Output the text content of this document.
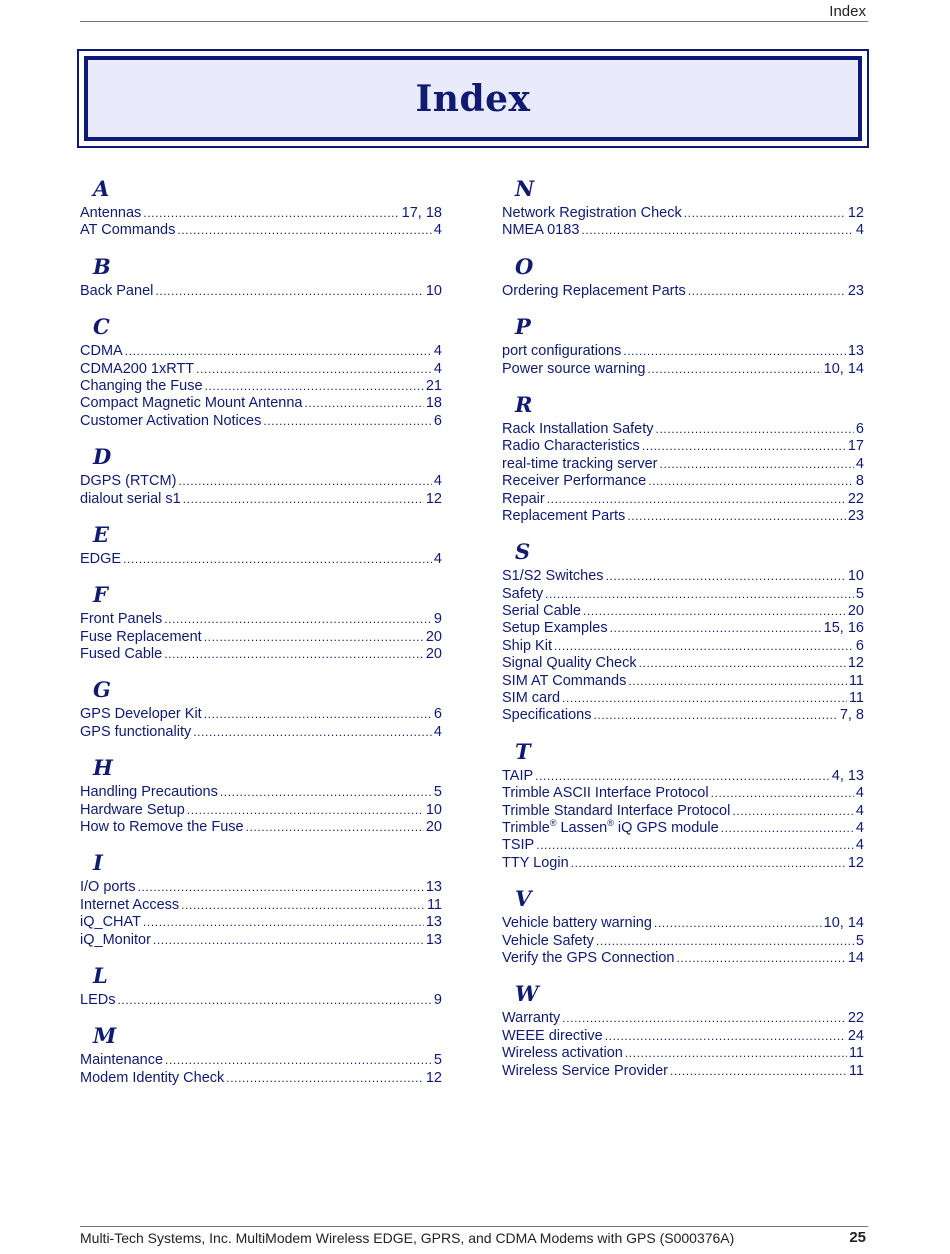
Index
Index
A
Antennas .....	17, 18
AT Commands .....	4
B
Back Panel .....	10
C
CDMA .....	4
CDMA200 1xRTT .....	4
Changing the Fuse .....	21
Compact Magnetic Mount Antenna .....	18
Customer Activation Notices .....	6
D
DGPS (RTCM) .....	4
dialout serial s1 .....	12
E
EDGE .....	4
F
Front Panels .....	9
Fuse Replacement .....	20
Fused Cable .....	20
G
GPS Developer Kit .....	6
GPS functionality .....	4
H
Handling Precautions .....	5
Hardware Setup .....	10
How to Remove the Fuse .....	20
I
I/O ports .....	13
Internet Access .....	11
iQ_CHAT .....	13
iQ_Monitor .....	13
L
LEDs .....	9
M
Maintenance .....	5
Modem Identity Check .....	12
N
Network Registration Check .....	12
NMEA 0183 .....	4
O
Ordering Replacement Parts .....	23
P
port configurations .....	13
Power source warning .....	10, 14
R
Rack Installation Safety .....	6
Radio Characteristics .....	17
real-time tracking server .....	4
Receiver Performance .....	8
Repair .....	22
Replacement Parts .....	23
S
S1/S2 Switches .....	10
Safety .....	5
Serial Cable .....	20
Setup Examples .....	15, 16
Ship Kit .....	6
Signal Quality Check .....	12
SIM AT Commands .....	11
SIM card .....	11
Specifications .....	7, 8
T
TAIP .....	4, 13
Trimble ASCII Interface Protocol .....	4
Trimble Standard Interface Protocol .....	4
Trimble® Lassen® iQ GPS module .....	4
TSIP .....	4
TTY Login .....	12
V
Vehicle battery warning .....	10, 14
Vehicle Safety .....	5
Verify the GPS Connection .....	14
W
Warranty .....	22
WEEE directive .....	24
Wireless activation .....	11
Wireless Service Provider .....	11
Multi-Tech Systems, Inc. MultiModem Wireless EDGE, GPRS, and CDMA Modems with GPS (S000376A)	25
